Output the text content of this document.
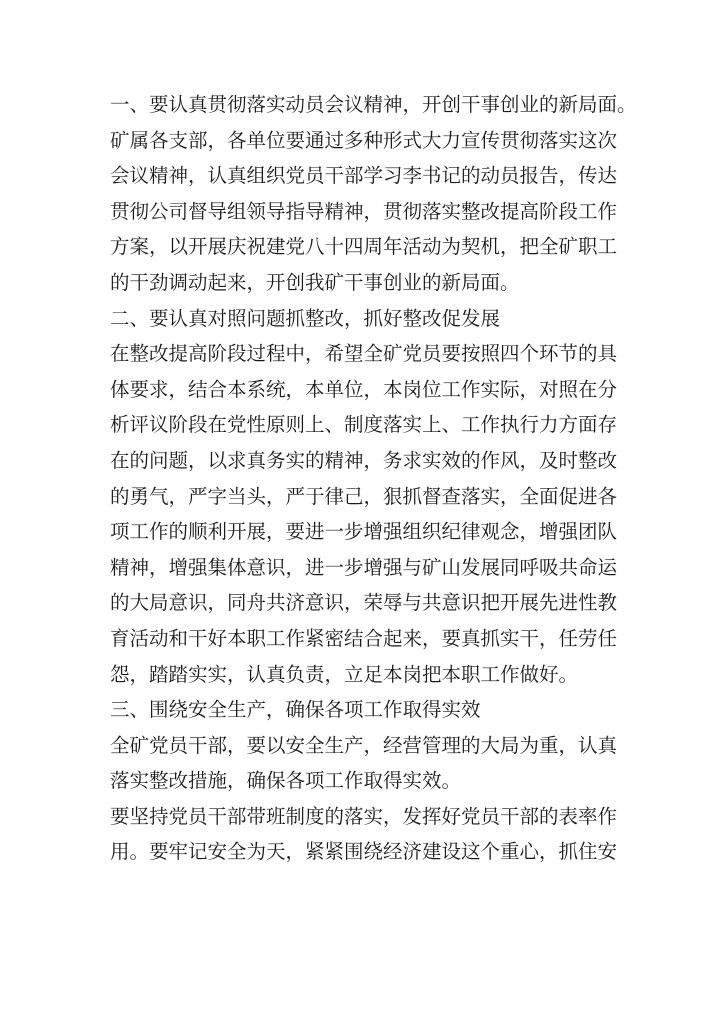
一、要认真贯彻落实动员会议精神，开创干事创业的新局面。
矿属各支部，各单位要通过多种形式大力宣传贯彻落实这次
会议精神，认真组织党员干部学习李书记的动员报告，传达
贯彻公司督导组领导指导精神，贯彻落实整改提高阶段工作
方案，以开展庆祝建党八十四周年活动为契机，把全矿职工
的干劲调动起来，开创我矿干事创业的新局面。
二、要认真对照问题抓整改，抓好整改促发展
在整改提高阶段过程中，希望全矿党员要按照四个环节的具
体要求，结合本系统，本单位，本岗位工作实际，对照在分
析评议阶段在党性原则上、制度落实上、工作执行力方面存
在的问题，以求真务实的精神，务求实效的作风，及时整改
的勇气，严字当头，严于律己，狠抓督查落实，全面促进各
项工作的顺利开展，要进一步增强组织纪律观念，增强团队
精神，增强集体意识，进一步增强与矿山发展同呼吸共命运
的大局意识，同舟共济意识，荣辱与共意识把开展先进性教
育活动和干好本职工作紧密结合起来，要真抓实干，任劳任
怨，踏踏实实，认真负责，立足本岗把本职工作做好。
三、围绕安全生产，确保各项工作取得实效
全矿党员干部，要以安全生产，经营管理的大局为重，认真
落实整改措施，确保各项工作取得实效。
要坚持党员干部带班制度的落实，发挥好党员干部的表率作
用。要牢记安全为天，紧紧围绕经济建设这个重心，抓住安
